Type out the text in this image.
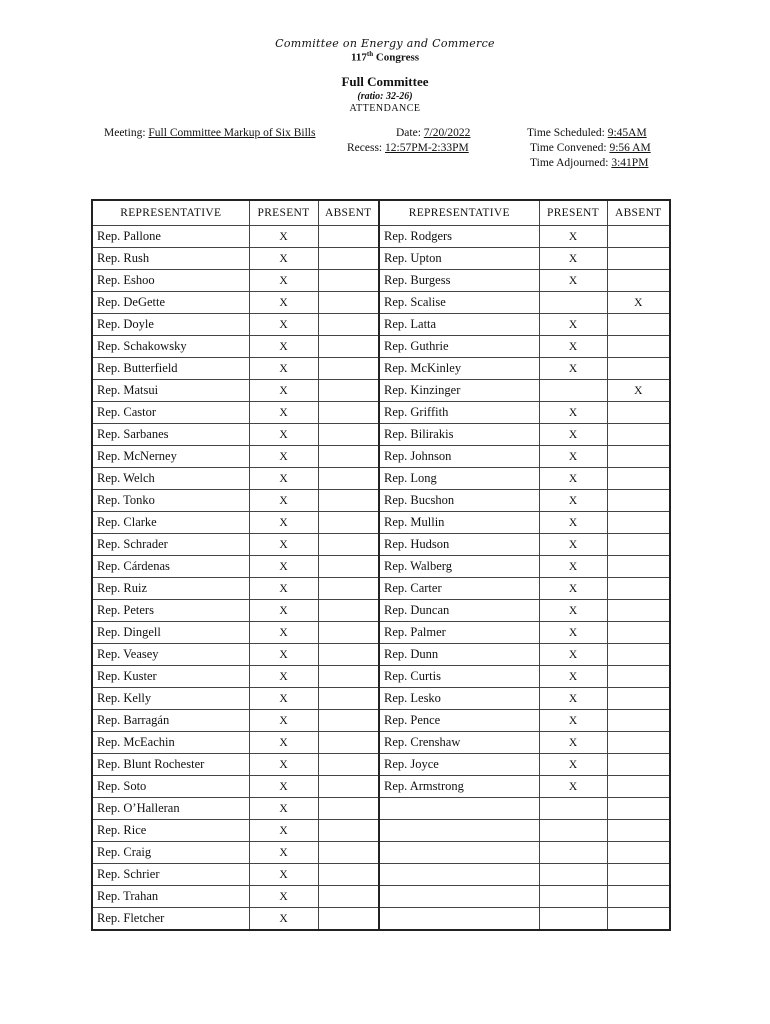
Committee on Energy and Commerce
117th Congress
Full Committee
(ratio: 32-26)
ATTENDANCE
Meeting: Full Committee Markup of Six Bills	Date: 7/20/2022
Recess: 12:57PM-2:33PM
Time Scheduled: 9:45AM
Time Convened: 9:56 AM
Time Adjourned: 3:41PM
REPRESENTATIVE	PRESENT	ABSENT	REPRESENTATIVE	PRESENT	ABSENT
Rep. Pallone	X		Rep. Rodgers	X	
Rep. Rush	X		Rep. Upton	X	
Rep. Eshoo	X		Rep. Burgess	X	
Rep. DeGette	X		Rep. Scalise		X
Rep. Doyle	X		Rep. Latta	X	
Rep. Schakowsky	X		Rep. Guthrie	X	
Rep. Butterfield	X		Rep. McKinley	X	
Rep. Matsui	X		Rep. Kinzinger		X
Rep. Castor	X		Rep. Griffith	X	
Rep. Sarbanes	X		Rep. Bilirakis	X	
Rep. McNerney	X		Rep. Johnson	X	
Rep. Welch	X		Rep. Long	X	
Rep. Tonko	X		Rep. Bucshon	X	
Rep. Clarke	X		Rep. Mullin	X	
Rep. Schrader	X		Rep. Hudson	X	
Rep. Cárdenas	X		Rep. Walberg	X	
Rep. Ruiz	X		Rep. Carter	X	
Rep. Peters	X		Rep. Duncan	X	
Rep. Dingell	X		Rep. Palmer	X	
Rep. Veasey	X		Rep. Dunn	X	
Rep. Kuster	X		Rep. Curtis	X	
Rep. Kelly	X		Rep. Lesko	X	
Rep. Barragán	X		Rep. Pence	X	
Rep. McEachin	X		Rep. Crenshaw	X	
Rep. Blunt Rochester	X		Rep. Joyce	X	
Rep. Soto	X		Rep. Armstrong	X	
Rep. O’Halleran	X				
Rep. Rice	X				
Rep. Craig	X				
Rep. Schrier	X				
Rep. Trahan	X				
Rep. Fletcher	X				
